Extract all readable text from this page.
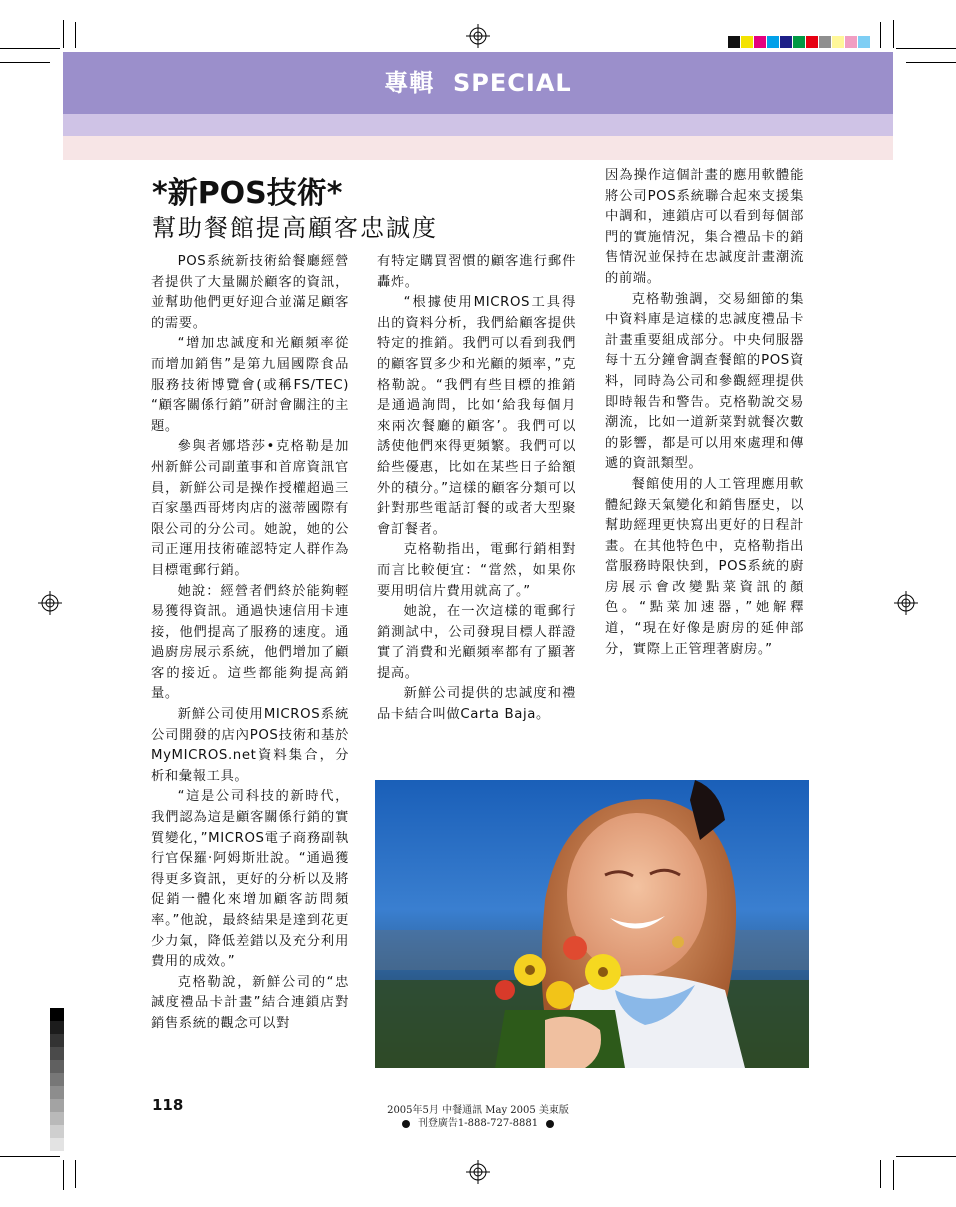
專輯  SPECIAL
*新POS技術*
幫助餐館提高顧客忠誠度

POS系統新技術給餐廳經營者提供了大量關於顧客的資訊，並幫助他們更好迎合並滿足顧客的需要。

“增加忠誠度和光顧頻率從而增加銷售”是第九屆國際食品服務技術博覽會(或稱FS/TEC) “顧客關係行銷”研討會關注的主題。

參與者娜塔莎•克格勒是加州新鮮公司副董事和首席資訊官員，新鮮公司是操作授權超過三百家墨西哥烤肉店的滋蒂國際有限公司的分公司。她說，她的公司正運用技術確認特定人群作為目標電郵行銷。

她說：經營者們終於能夠輕易獲得資訊。通過快速信用卡連接，他們提高了服務的速度。通過廚房展示系統，他們增加了顧客的接近。這些都能夠提高銷量。

新鮮公司使用MICROS系統公司開發的店內POS技術和基於MyMICROS.net資料集合，分析和彙報工具。

“這是公司科技的新時代，我們認為這是顧客關係行銷的實質變化，”MICROS電子商務副執行官保羅·阿姆斯壯說。“通過獲得更多資訊，更好的分析以及將促銷一體化來增加顧客訪問頻率。”他說，最終結果是達到花更少力氣，降低差錯以及充分利用費用的成效。”

克格勒說，新鮮公司的“忠誠度禮品卡計畫”結合連鎖店對銷售系統的觀念可以對

有特定購買習慣的顧客進行郵件轟炸。

“根據使用MICROS工具得出的資料分析，我們給顧客提供特定的推銷。我們可以看到我們的顧客買多少和光顧的頻率，”克格勒說。“我們有些目標的推銷是通過詢問，比如‘給我每個月來兩次餐廳的顧客’。我們可以誘使他們來得更頻繁。我們可以給些優惠，比如在某些日子給額外的積分。”這樣的顧客分類可以針對那些電話訂餐的或者大型聚會訂餐者。

克格勒指出，電郵行銷相對而言比較便宜：“當然，如果你要用明信片費用就高了。”

她說，在一次這樣的電郵行銷測試中，公司發現目標人群證實了消費和光顧頻率都有了顯著提高。

新鮮公司提供的忠誠度和禮品卡結合叫做Carta Baja。

因為操作這個計畫的應用軟體能將公司POS系統聯合起來支援集中調和，連鎖店可以看到每個部門的實施情況，集合禮品卡的銷售情況並保持在忠誠度計畫潮流的前端。

克格勒強調，交易細節的集中資料庫是這樣的忠誠度禮品卡計畫重要組成部分。中央伺服器每十五分鐘會調查餐館的POS資料，同時為公司和參觀經理提供即時報告和警告。克格勒說交易潮流，比如一道新菜對就餐次數的影響，都是可以用來處理和傳遞的資訊類型。

餐館使用的人工管理應用軟體紀錄天氣變化和銷售歷史，以幫助經理更快寫出更好的日程計畫。在其他特色中，克格勒指出當服務時限快到，POS系統的廚房展示會改變點菜資訊的顏色。“點菜加速器，”她解釋道，“現在好像是廚房的延伸部分，實際上正管理著廚房。”

118	2005年5月 中餐通訊 May 2005 美東版
刊登廣告1-888-727-8881
